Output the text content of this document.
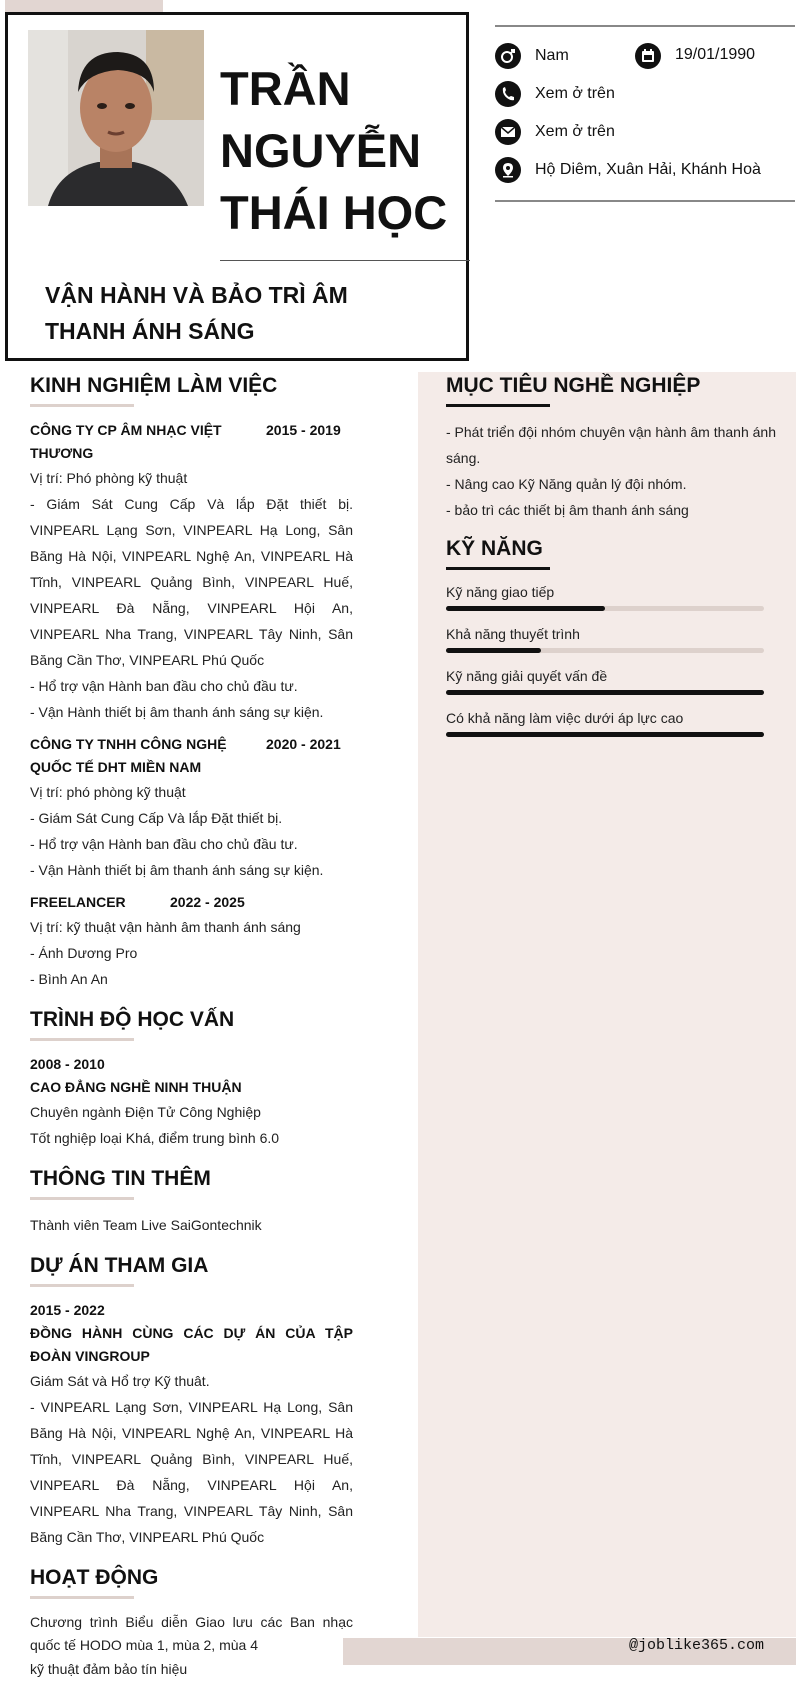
TRẦN
NGUYỄN
THÁI HỌC
VẬN HÀNH VÀ BẢO TRÌ ÂM THANH ÁNH SÁNG
Nam	19/01/1990
Xem ở trên
Xem ở trên
Hộ Diêm, Xuân Hải, Khánh Hoà
KINH NGHIỆM LÀM VIỆC
CÔNG TY CP ÂM NHẠC VIỆT THƯƠNG
2015 - 2019
Vị trí: Phó phòng kỹ thuật
- Giám Sát Cung Cấp Và lắp Đặt thiết bị. VINPEARL Lạng Sơn, VINPEARL Hạ Long, Sân Băng Hà Nội, VINPEARL Nghệ An, VINPEARL Hà Tĩnh, VINPEARL Quảng Bình, VINPEARL Huế, VINPEARL Đà Nẵng, VINPEARL Hội An, VINPEARL Nha Trang, VINPEARL Tây Ninh, Sân Băng Cần Thơ, VINPEARL Phú Quốc
- Hổ trợ vận Hành ban đầu cho chủ đầu tư.
- Vận Hành thiết bị âm thanh ánh sáng sự kiện.
CÔNG TY TNHH CÔNG NGHỆ QUỐC TẾ DHT MIỀN NAM
2020 - 2021
Vị trí: phó phòng kỹ thuật
- Giám Sát Cung Cấp Và lắp Đặt thiết bị.
- Hổ trợ vận Hành ban đầu cho chủ đầu tư.
- Vận Hành thiết bị âm thanh ánh sáng sự kiện.
FREELANCER	2022 - 2025
Vị trí: kỹ thuật vận hành âm thanh ánh sáng
- Ánh Dương Pro
- Bình An An
TRÌNH ĐỘ HỌC VẤN
2008 - 2010
CAO ĐẲNG NGHỀ NINH THUẬN
Chuyên ngành Điện Tử Công Nghiệp
Tốt nghiệp loại Khá, điểm trung bình 6.0
THÔNG TIN THÊM
Thành viên Team Live SaiGontechnik
DỰ ÁN THAM GIA
2015 - 2022
ĐỒNG HÀNH CÙNG CÁC DỰ ÁN CỦA TẬP ĐOÀN VINGROUP
Giám Sát và Hổ trợ Kỹ thuât.
- VINPEARL Lạng Sơn, VINPEARL Hạ Long, Sân Băng Hà Nội, VINPEARL Nghệ An, VINPEARL Hà Tĩnh, VINPEARL Quảng Bình, VINPEARL Huế, VINPEARL Đà Nẵng, VINPEARL Hội An, VINPEARL Nha Trang, VINPEARL Tây Ninh, Sân Băng Cần Thơ, VINPEARL Phú Quốc
HOẠT ĐỘNG
Chương trình Biểu diễn Giao lưu các Ban nhạc quốc tế HODO mùa 1, mùa 2, mùa 4
kỹ thuật đảm bảo tín hiệu
MỤC TIÊU NGHỀ NGHIỆP
- Phát triển đội nhóm chuyên vận hành âm thanh ánh sáng.
- Nâng cao Kỹ Năng quản lý đội nhóm.
- bảo trì các thiết bị âm thanh ánh sáng
KỸ NĂNG
Kỹ năng giao tiếp
Khả năng thuyết trình
Kỹ năng giải quyết vấn đề
Có khả năng làm việc dưới áp lực cao
@joblike365.com
